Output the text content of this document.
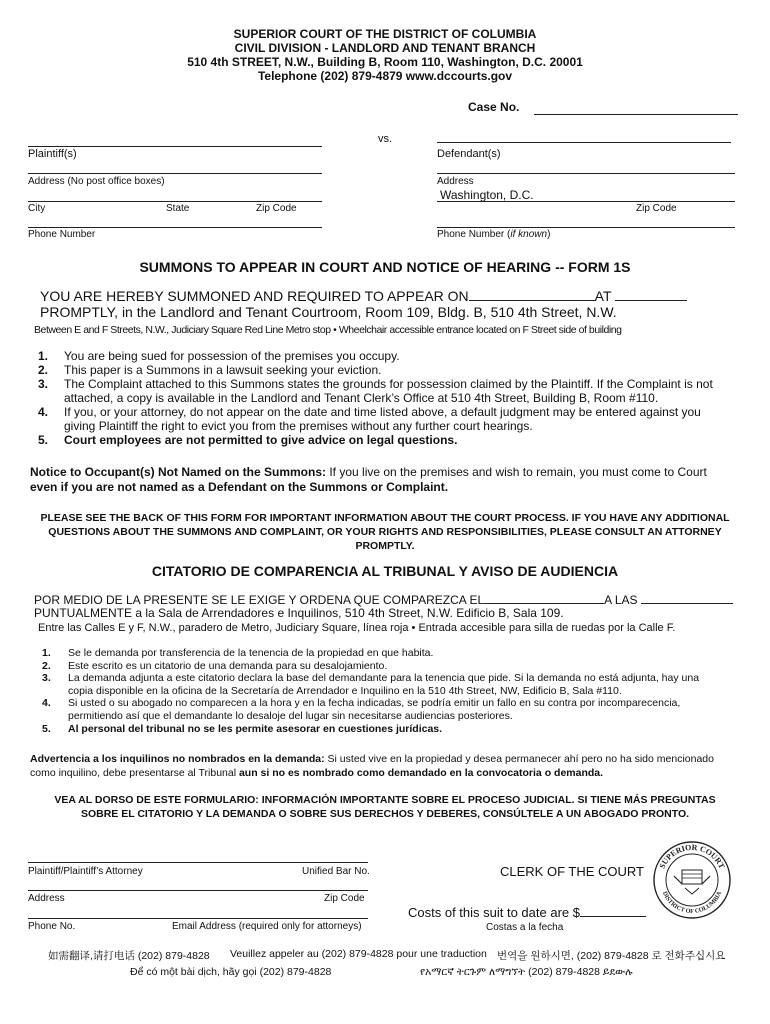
SUPERIOR COURT OF THE DISTRICT OF COLUMBIA
CIVIL DIVISION - LANDLORD AND TENANT BRANCH
510 4th STREET, N.W., Building B, Room 110, Washington, D.C. 20001
Telephone (202) 879-4879 www.dccourts.gov
Case No.
vs.
Plaintiff(s)	Defendant(s)
Address (No post office boxes)	Address
Washington, D.C.
Zip Code
City	State	Zip Code
Phone Number	Phone Number (if known)
SUMMONS TO APPEAR IN COURT AND NOTICE OF HEARING -- FORM 1S
YOU ARE HEREBY SUMMONED AND REQUIRED TO APPEAR ON	AT
PROMPTLY, in the Landlord and Tenant Courtroom, Room 109, Bldg. B, 510 4th Street, N.W.
Between E and F Streets, N.W., Judiciary Square Red Line Metro stop • Wheelchair accessible entrance located on F Street side of building
1. You are being sued for possession of the premises you occupy.
2. This paper is a Summons in a lawsuit seeking your eviction.
3. The Complaint attached to this Summons states the grounds for possession claimed by the Plaintiff. If the Complaint is not attached, a copy is available in the Landlord and Tenant Clerk’s Office at 510 4th Street, Building B, Room #110.
4. If you, or your attorney, do not appear on the date and time listed above, a default judgment may be entered against you giving Plaintiff the right to evict you from the premises without any further court hearings.
5. Court employees are not permitted to give advice on legal questions.
Notice to Occupant(s) Not Named on the Summons: If you live on the premises and wish to remain, you must come to Court even if you are not named as a Defendant on the Summons or Complaint.
PLEASE SEE THE BACK OF THIS FORM FOR IMPORTANT INFORMATION ABOUT THE COURT PROCESS. IF YOU HAVE ANY ADDITIONAL QUESTIONS ABOUT THE SUMMONS AND COMPLAINT, OR YOUR RIGHTS AND RESPONSIBILITIES, PLEASE CONSULT AN ATTORNEY PROMPTLY.
CITATORIO DE COMPARENCIA AL TRIBUNAL Y AVISO DE AUDIENCIA
POR MEDIO DE LA PRESENTE SE LE EXIGE Y ORDENA QUE COMPAREZCA EL	A LAS
PUNTUALMENTE a la Sala de Arrendadores e Inquilinos, 510 4th Street, N.W. Edificio B, Sala 109.
Entre las Calles E y F, N.W., paradero de Metro, Judiciary Square, línea roja • Entrada accesible para silla de ruedas por la Calle F.
1. Se le demanda por transferencia de la tenencia de la propiedad en que habita.
2. Este escrito es un citatorio de una demanda para su desalojamiento.
3. La demanda adjunta a este citatorio declara la base del demandante para la tenencia que pide. Si la demanda no está adjunta, hay una copia disponible en la oficina de la Secretaría de Arrendador e Inquilino en la 510 4th Street, NW, Edificio B, Sala #110.
4. Si usted o su abogado no comparecen a la hora y en la fecha indicadas, se podría emitir un fallo en su contra por incomparecencia, permitiendo así que el demandante lo desaloje del lugar sin necesitarse audiencias posteriores.
5. Al personal del tribunal no se les permite asesorar en cuestiones jurídicas.
Advertencia a los inquilinos no nombrados en la demanda: Si usted vive en la propiedad y desea permanecer ahí pero no ha sido mencionado como inquilino, debe presentarse al Tribunal aun si no es nombrado como demandado en la convocatoria o demanda.
VEA AL DORSO DE ESTE FORMULARIO: INFORMACIÓN IMPORTANTE SOBRE EL PROCESO JUDICIAL. SI TIENE MÁS PREGUNTAS SOBRE EL CITATORIO Y LA DEMANDA O SOBRE SUS DERECHOS Y DEBERES, CONSÚLTELE A UN ABOGADO PRONTO.
Plaintiff/Plaintiff’s Attorney	Unified Bar No.
Address	Zip Code
Phone No.	Email Address (required only for attorneys)
CLERK OF THE COURT
Costs of this suit to date are $
Costas a la fecha
SUPERIOR COURT
DISTRICT OF COLUMBIA
如需翻译,请打电话 (202) 879-4828 Veuillez appeler au (202) 879-4828 pour une traduction 번역을 원하시면, (202) 879-4828 로 전화주십시요
Để có một bài dịch, hãy gọi (202) 879-4828	የአማርኛ ትርጉም ለማግኘት (202) 879-4828 ይደውሉ
